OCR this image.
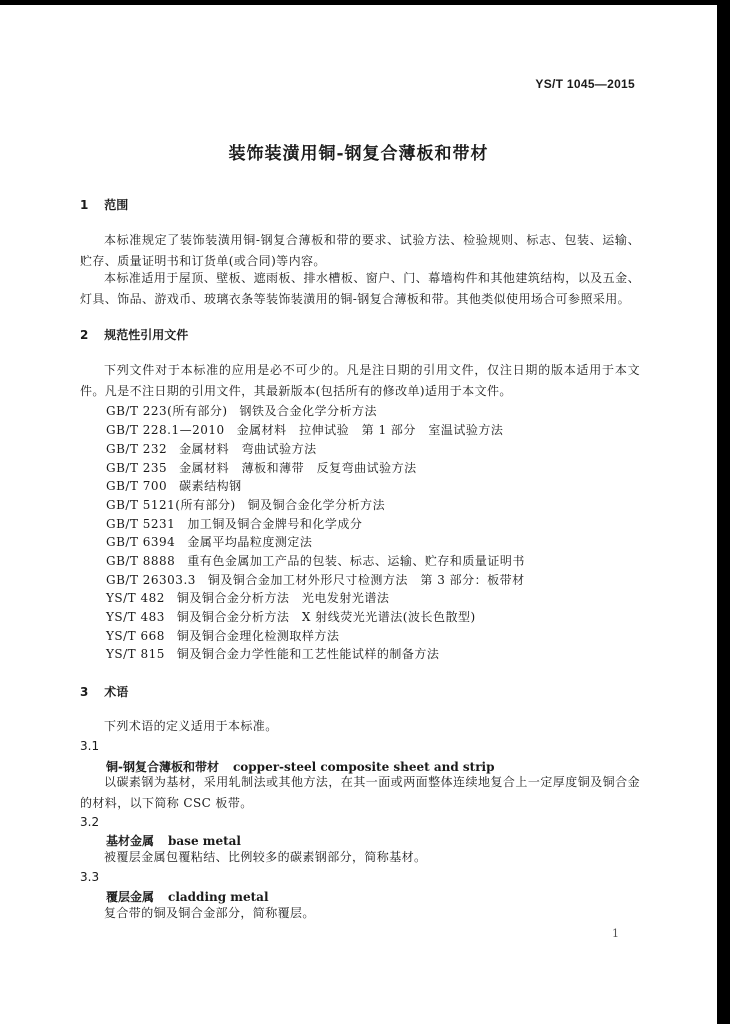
YS/T 1045—2015
装饰装潢用铜-钢复合薄板和带材
1 范围
本标准规定了装饰装潢用铜-钢复合薄板和带的要求、试验方法、检验规则、标志、包装、运输、贮存、质量证明书和订货单(或合同)等内容。
本标准适用于屋顶、壁板、遮雨板、排水槽板、窗户、门、幕墙构件和其他建筑结构，以及五金、灯具、饰品、游戏币、玻璃衣条等装饰装潢用的铜-钢复合薄板和带。其他类似使用场合可参照采用。
2 规范性引用文件
下列文件对于本标准的应用是必不可少的。凡是注日期的引用文件，仅注日期的版本适用于本文件。凡是不注日期的引用文件，其最新版本(包括所有的修改单)适用于本文件。
GB/T 223(所有部分) 钢铁及合金化学分析方法
GB/T 228.1—2010 金属材料　拉伸试验　第 1 部分　室温试验方法
GB/T 232 金属材料　弯曲试验方法
GB/T 235 金属材料　薄板和薄带　反复弯曲试验方法
GB/T 700 碳素结构钢
GB/T 5121(所有部分) 铜及铜合金化学分析方法
GB/T 5231 加工铜及铜合金牌号和化学成分
GB/T 6394 金属平均晶粒度测定法
GB/T 8888 重有色金属加工产品的包装、标志、运输、贮存和质量证明书
GB/T 26303.3 铜及铜合金加工材外形尺寸检测方法　第 3 部分：板带材
YS/T 482 铜及铜合金分析方法　光电发射光谱法
YS/T 483 铜及铜合金分析方法　X 射线荧光光谱法(波长色散型)
YS/T 668 铜及铜合金理化检测取样方法
YS/T 815 铜及铜合金力学性能和工艺性能试样的制备方法
3 术语
下列术语的定义适用于本标准。
3.1
铜-钢复合薄板和带材 copper-steel composite sheet and strip
以碳素钢为基材，采用轧制法或其他方法，在其一面或两面整体连续地复合上一定厚度铜及铜合金的材料，以下简称 CSC 板带。
3.2
基材金属 base metal
被覆层金属包覆粘结、比例较多的碳素钢部分，简称基材。
3.3
覆层金属 cladding metal
复合带的铜及铜合金部分，简称覆层。
1
